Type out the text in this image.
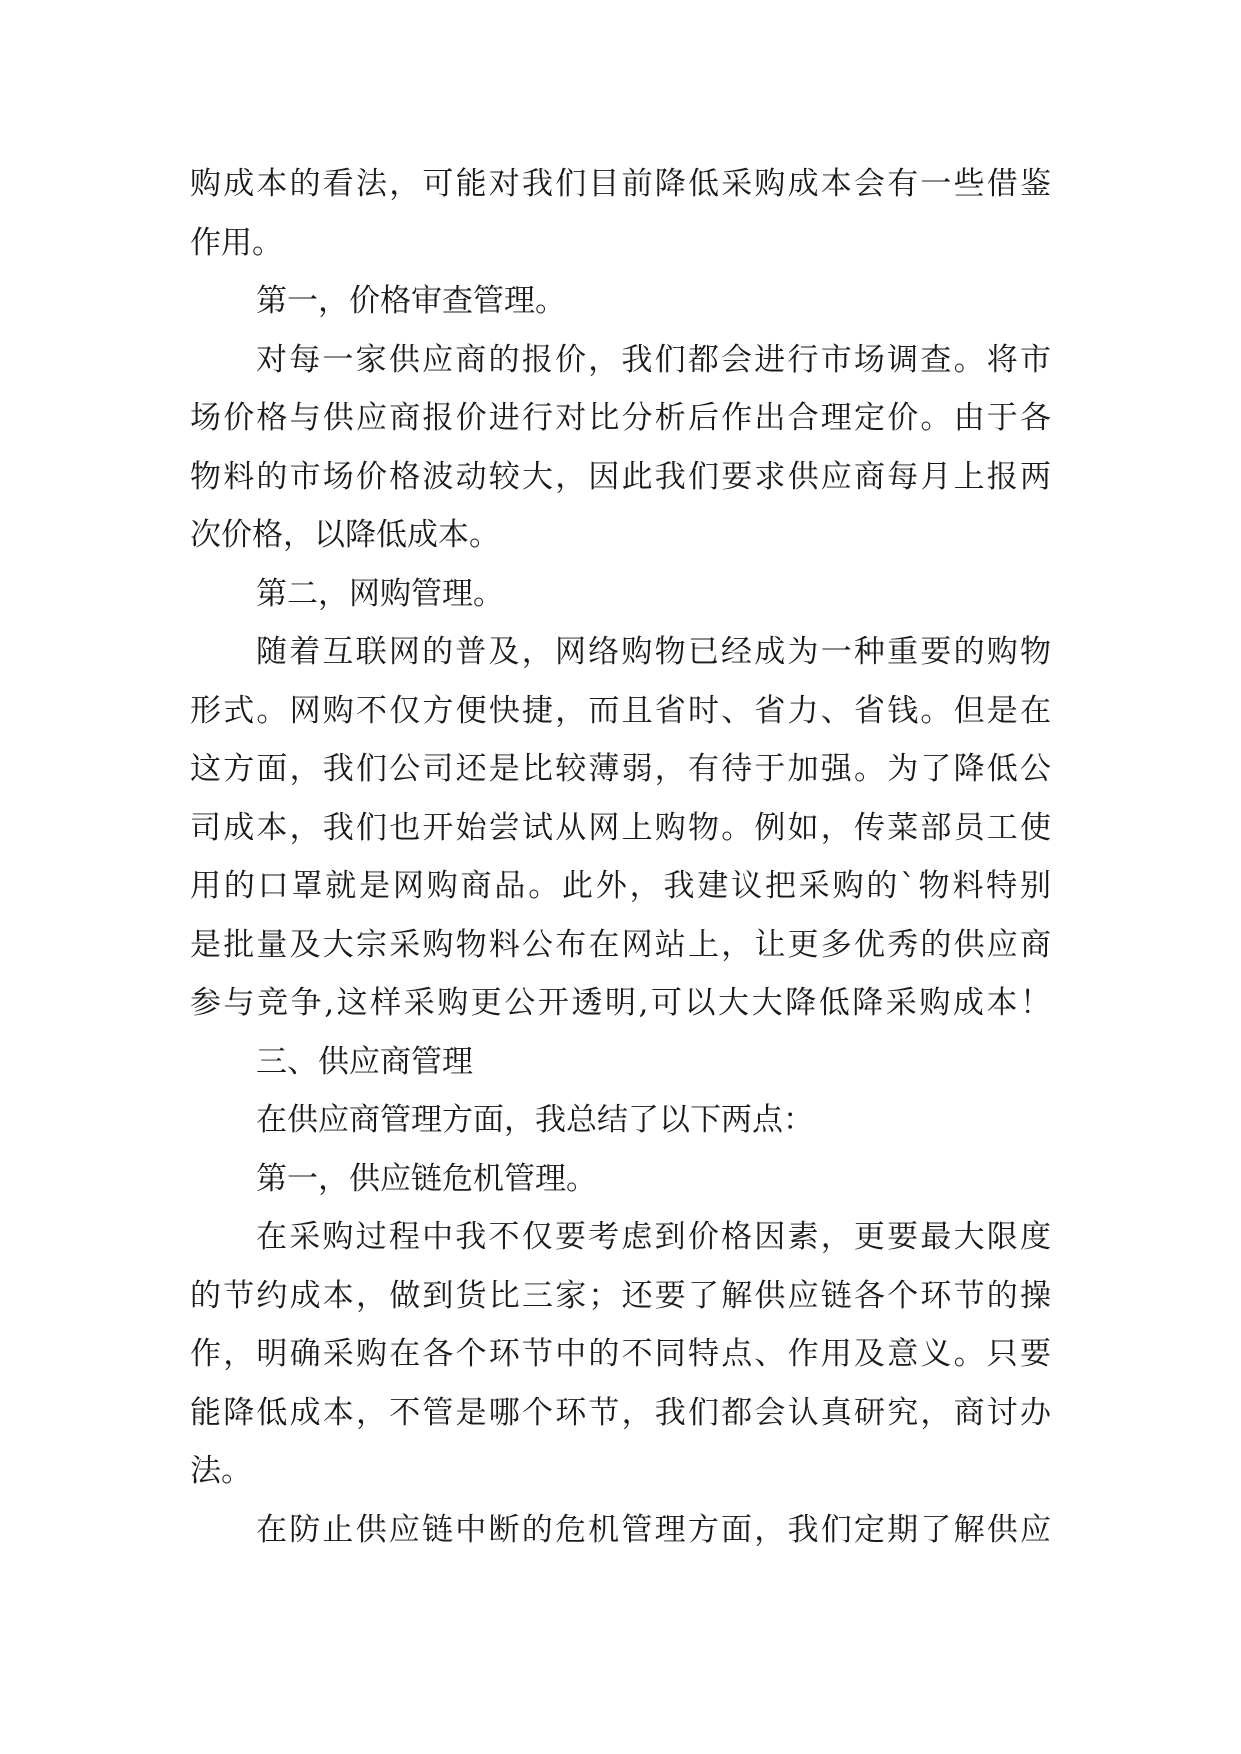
购成本的看法，可能对我们目前降低采购成本会有一些借鉴
作用。
第一，价格审查管理。
对每一家供应商的报价，我们都会进行市场调查。将市
场价格与供应商报价进行对比分析后作出合理定价。由于各
物料的市场价格波动较大，因此我们要求供应商每月上报两
次价格，以降低成本。
第二，网购管理。
随着互联网的普及，网络购物已经成为一种重要的购物
形式。网购不仅方便快捷，而且省时、省力、省钱。但是在
这方面，我们公司还是比较薄弱，有待于加强。为了降低公
司成本，我们也开始尝试从网上购物。例如，传菜部员工使
用的口罩就是网购商品。此外，我建议把采购的`物料特别
是批量及大宗采购物料公布在网站上，让更多优秀的供应商
参与竞争,这样采购更公开透明,可以大大降低降采购成本！
三、供应商管理
在供应商管理方面，我总结了以下两点：
第一，供应链危机管理。
在采购过程中我不仅要考虑到价格因素，更要最大限度
的节约成本，做到货比三家；还要了解供应链各个环节的操
作，明确采购在各个环节中的不同特点、作用及意义。只要
能降低成本，不管是哪个环节，我们都会认真研究，商讨办
法。
在防止供应链中断的危机管理方面，我们定期了解供应
